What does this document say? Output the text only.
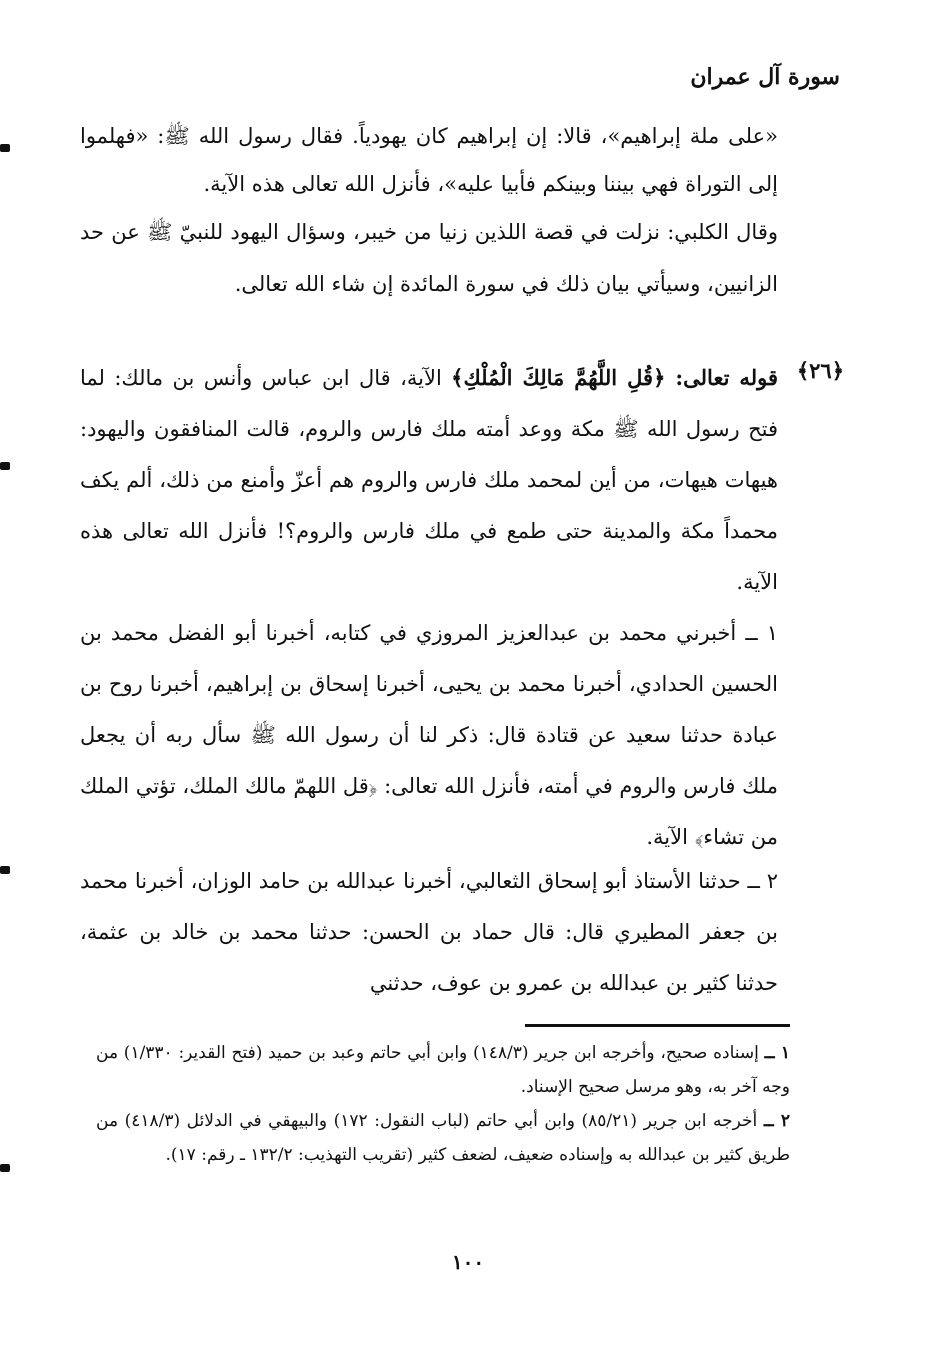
سورة آل عمران

«على ملة إبراهيم»، قالا: إن إبراهيم كان يهودياً. فقال رسول الله ﷺ: «فهلموا إلى التوراة فهي بيننا وبينكم فأبيا عليه»، فأنزل الله تعالى هذه الآية.

وقال الكلبي: نزلت في قصة اللذين زنيا من خيبر، وسؤال اليهود للنبيّ ﷺ عن حد الزانيين، وسيأتي بيان ذلك في سورة المائدة إن شاء الله تعالى.

﴿٢٦﴾

قوله تعالى: ﴿قُلِ اللَّهُمَّ مَالِكَ الْمُلْكِ﴾ الآية، قال ابن عباس وأنس بن مالك: لما فتح رسول الله ﷺ مكة ووعد أمته ملك فارس والروم، قالت المنافقون واليهود: هيهات هيهات، من أين لمحمد ملك فارس والروم هم أعزّ وأمنع من ذلك، ألم يكف محمداً مكة والمدينة حتى طمع في ملك فارس والروم؟! فأنزل الله تعالى هذه الآية.

١ ــ أخبرني محمد بن عبدالعزيز المروزي في كتابه، أخبرنا أبو الفضل محمد بن الحسين الحدادي، أخبرنا محمد بن يحيى، أخبرنا إسحاق بن إبراهيم، أخبرنا روح بن عبادة حدثنا سعيد عن قتادة قال: ذكر لنا أن رسول الله ﷺ سأل ربه أن يجعل ملك فارس والروم في أمته، فأنزل الله تعالى: ﴿قل اللهمّ مالك الملك، تؤتي الملك من تشاء﴾ الآية.

٢ ــ حدثنا الأستاذ أبو إسحاق الثعالبي، أخبرنا عبدالله بن حامد الوزان، أخبرنا محمد بن جعفر المطيري قال: قال حماد بن الحسن: حدثنا محمد بن خالد بن عثمة، حدثنا كثير بن عبدالله بن عمرو بن عوف، حدثني

١ ــ إسناده صحيح، وأخرجه ابن جرير (١٤٨/٣) وابن أبي حاتم وعبد بن حميد (فتح القدير: ١/٣٣٠) من وجه آخر به، وهو مرسل صحيح الإسناد.

٢ ــ أخرجه ابن جرير (٨٥/٢١) وابن أبي حاتم (لباب النقول: ١٧٢) والبيهقي في الدلائل (٤١٨/٣) من طريق كثير بن عبدالله به وإسناده ضعيف، لضعف كثير (تقريب التهذيب: ١٣٢/٢ ـ رقم: ١٧).

١٠٠
